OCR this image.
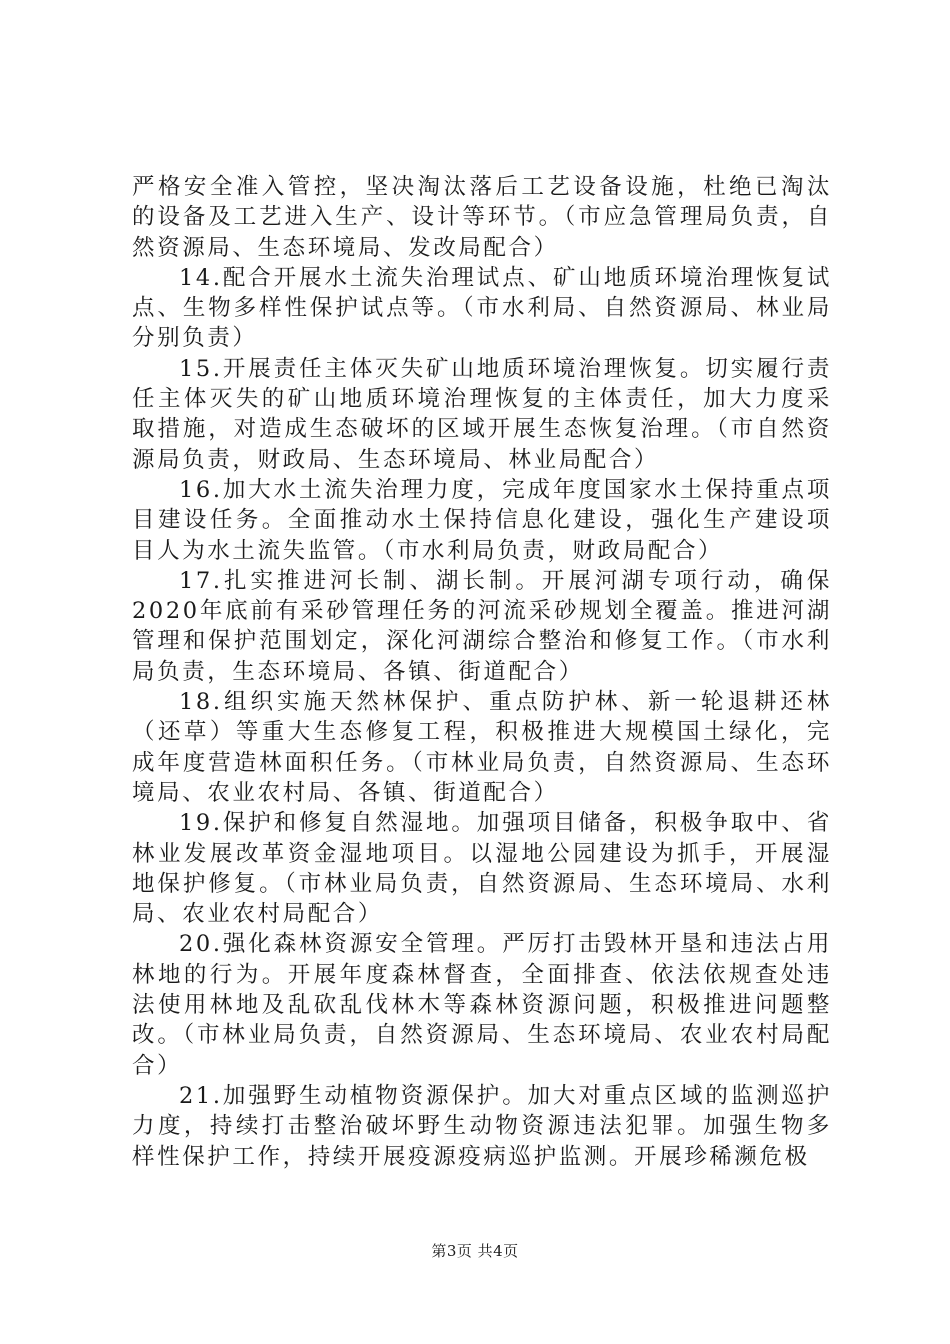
严格安全准入管控，坚决淘汰落后工艺设备设施，杜绝已淘汰的设备及工艺进入生产、设计等环节。（市应急管理局负责，自然资源局、生态环境局、发改局配合）

14.配合开展水土流失治理试点、矿山地质环境治理恢复试点、生物多样性保护试点等。（市水利局、自然资源局、林业局分别负责）

15.开展责任主体灭失矿山地质环境治理恢复。切实履行责任主体灭失的矿山地质环境治理恢复的主体责任，加大力度采取措施，对造成生态破坏的区域开展生态恢复治理。（市自然资源局负责，财政局、生态环境局、林业局配合）

16.加大水土流失治理力度，完成年度国家水土保持重点项目建设任务。全面推动水土保持信息化建设，强化生产建设项目人为水土流失监管。（市水利局负责，财政局配合）

17.扎实推进河长制、湖长制。开展河湖专项行动，确保2020年底前有采砂管理任务的河流采砂规划全覆盖。推进河湖管理和保护范围划定，深化河湖综合整治和修复工作。（市水利局负责，生态环境局、各镇、街道配合）

18.组织实施天然林保护、重点防护林、新一轮退耕还林（还草）等重大生态修复工程，积极推进大规模国土绿化，完成年度营造林面积任务。（市林业局负责，自然资源局、生态环境局、农业农村局、各镇、街道配合）

19.保护和修复自然湿地。加强项目储备，积极争取中、省林业发展改革资金湿地项目。以湿地公园建设为抓手，开展湿地保护修复。（市林业局负责，自然资源局、生态环境局、水利局、农业农村局配合）

20.强化森林资源安全管理。严厉打击毁林开垦和违法占用林地的行为。开展年度森林督查，全面排查、依法依规查处违法使用林地及乱砍乱伐林木等森林资源问题，积极推进问题整改。（市林业局负责，自然资源局、生态环境局、农业农村局配合）

21.加强野生动植物资源保护。加大对重点区域的监测巡护力度，持续打击整治破坏野生动物资源违法犯罪。加强生物多样性保护工作，持续开展疫源疫病巡护监测。开展珍稀濒危极

第3页 共4页
